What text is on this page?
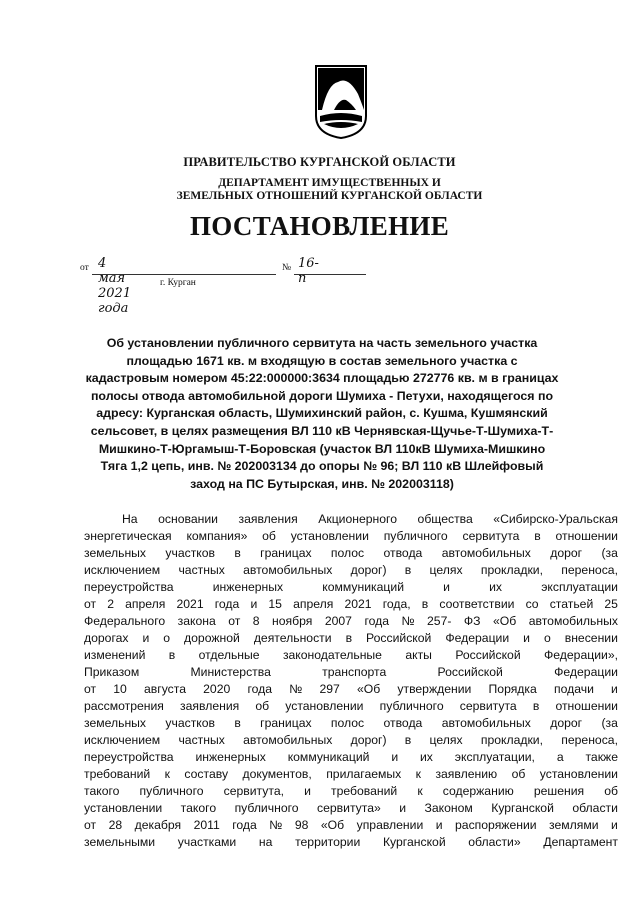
ПРАВИТЕЛЬСТВО КУРГАНСКОЙ ОБЛАСТИ
ДЕПАРТАМЕНТ ИМУЩЕСТВЕННЫХ И
ЗЕМЕЛЬНЫХ ОТНОШЕНИЙ КУРГАНСКОЙ ОБЛАСТИ
ПОСТАНОВЛЕНИЕ
от 4 мая 2021 года
№ 16-п
г. Курган
Об установлении публичного сервитута на часть земельного участка
площадью 1671 кв. м входящую в состав земельного участка с
кадастровым номером 45:22:000000:3634 площадью 272776 кв. м в границах
полосы отвода автомобильной дороги Шумиха - Петухи, находящегося по
адресу: Курганская область, Шумихинский район, с. Кушма, Кушмянский
сельсовет, в целях размещения ВЛ 110 кВ Чернявская-Щучье-Т-Шумиха-Т-
Мишкино-Т-Юргамыш-Т-Боровская (участок ВЛ 110кВ Шумиха-Мишкино
Тяга 1,2 цепь, инв. № 202003134 до опоры № 96; ВЛ 110 кВ Шлейфовый
заход на ПС Бутырская, инв. № 202003118)
На основании заявления Акционерного общества «Сибирско-Уральская
энергетическая компания» об установлении публичного сервитута в отношении
земельных участков в границах полос отвода автомобильных дорог (за
исключением частных автомобильных дорог) в целях прокладки, переноса,
переустройства	инженерных	коммуникаций	и	их	эксплуатации
от 2 апреля 2021 года и 15 апреля 2021 года, в соответствии со статьей 25
Федерального закона от 8 ноября 2007 года № 257- ФЗ «Об автомобильных
дорогах и о дорожной деятельности в Российской Федерации и о внесении
изменений в отдельные законодательные акты Российской Федерации»,
Приказом	Министерства	транспорта	Российской	Федерации
от 10 августа 2020 года № 297 «Об утверждении Порядка подачи и
рассмотрения заявления об установлении публичного сервитута в отношении
земельных участков в границах полос отвода автомобильных дорог (за
исключением частных автомобильных дорог) в целях прокладки, переноса,
переустройства инженерных коммуникаций и их эксплуатации, а также
требований к составу документов, прилагаемых к заявлению об установлении
такого публичного сервитута, и требований к содержанию решения об
установлении такого публичного сервитута» и Законом Курганской области
от 28 декабря 2011 года № 98 «Об управлении и распоряжении землями и
земельными участками на территории Курганской области» Департамент
